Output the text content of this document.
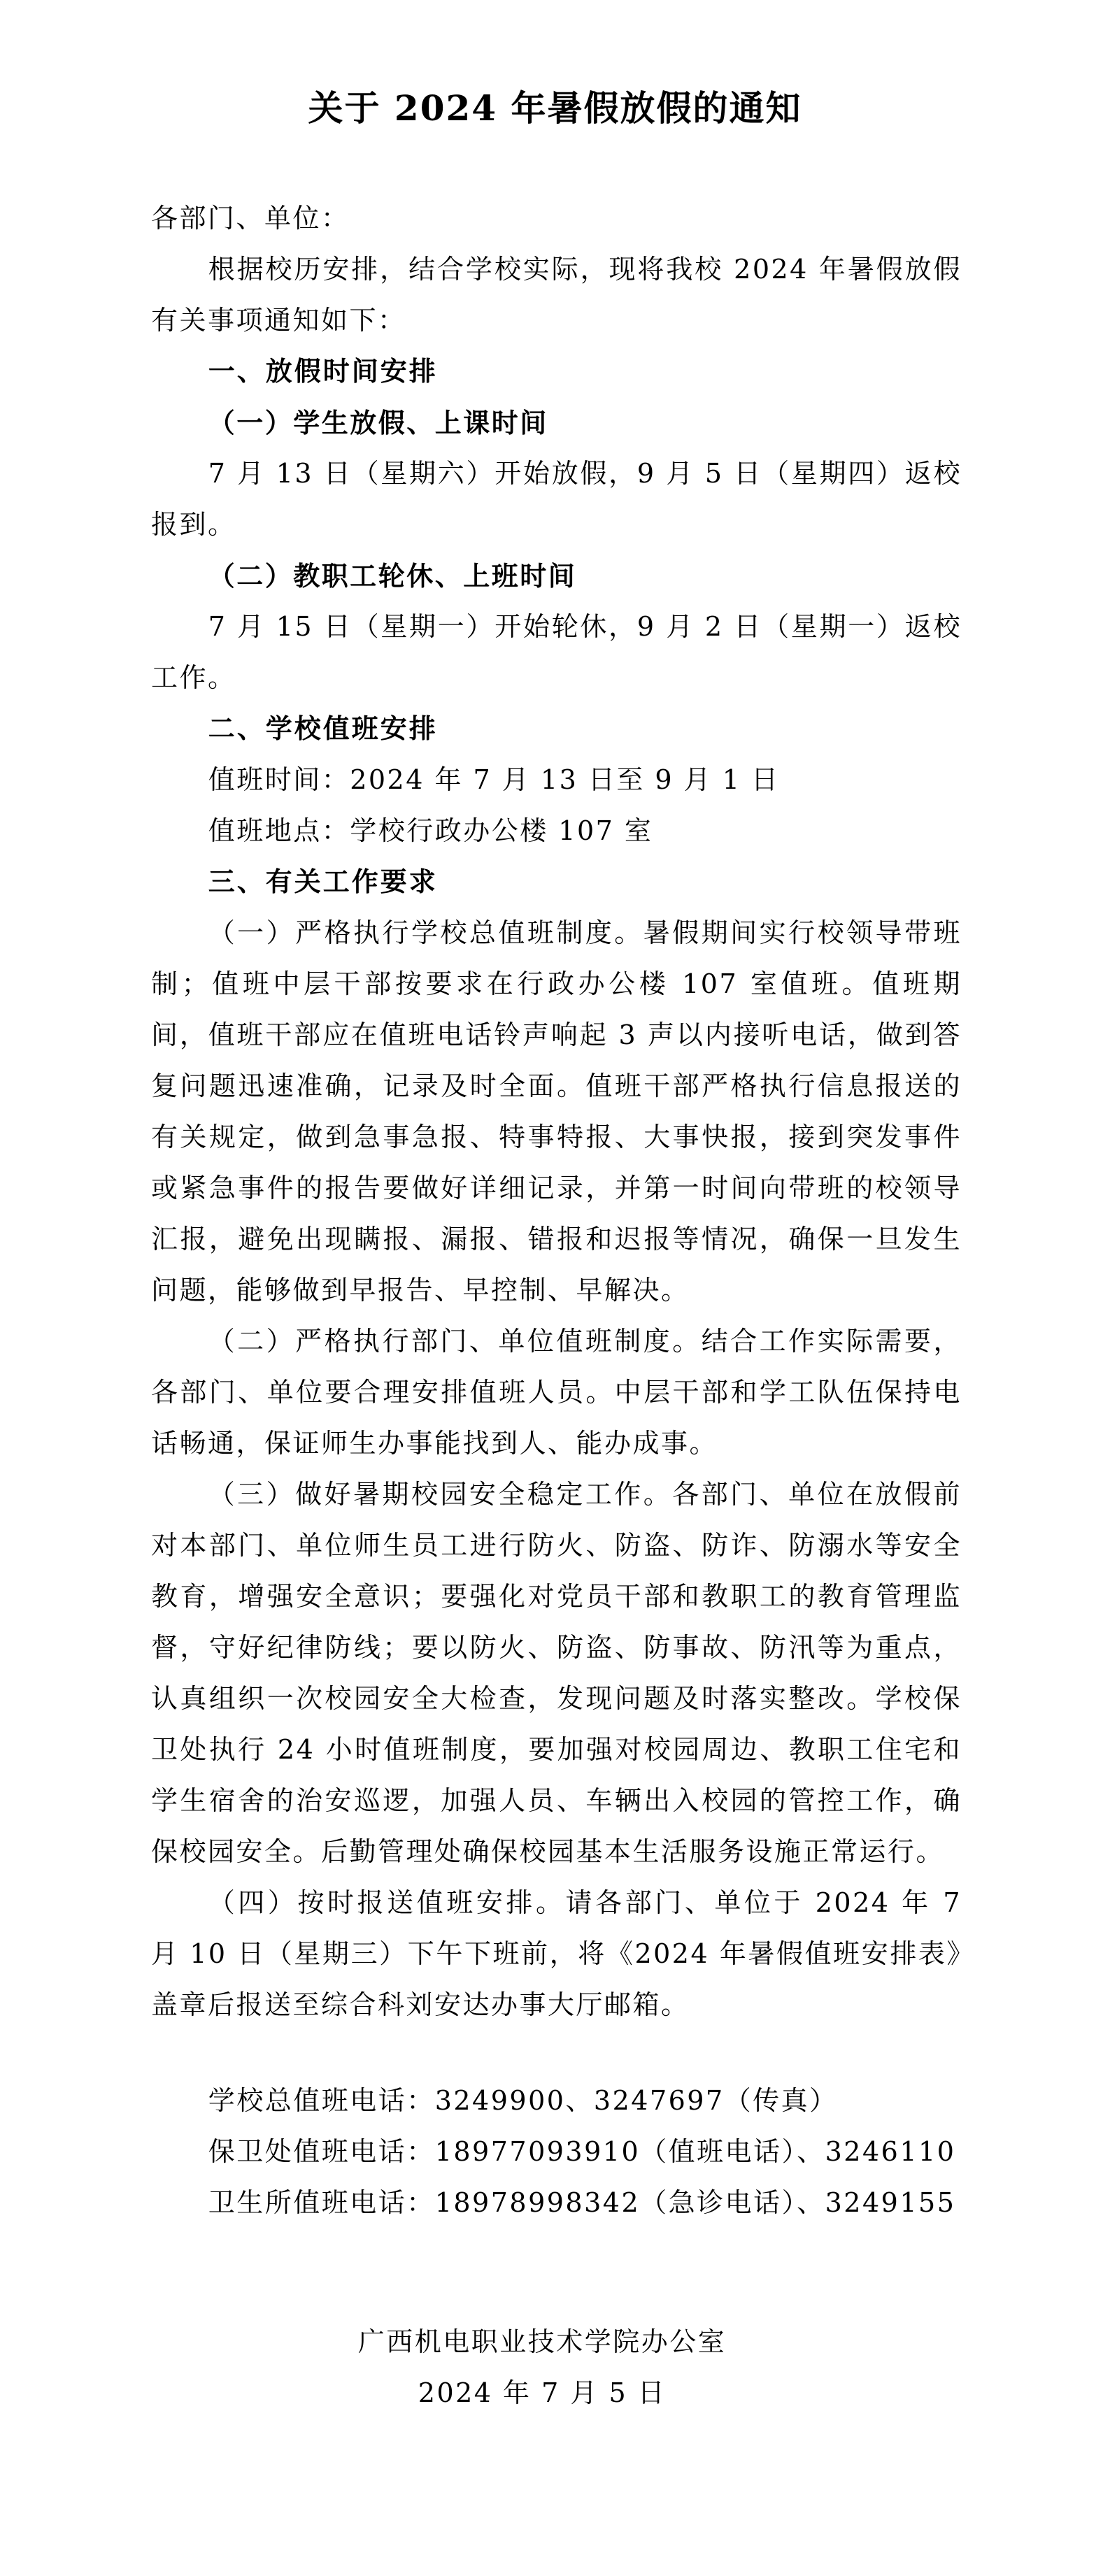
关于 2024 年暑假放假的通知

各部门、单位：

根据校历安排，结合学校实际，现将我校 2024 年暑假放假有关事项通知如下：

一、放假时间安排

（一）学生放假、上课时间

7 月 13 日（星期六）开始放假，9 月 5 日（星期四）返校报到。

（二）教职工轮休、上班时间

7 月 15 日（星期一）开始轮休，9 月 2 日（星期一）返校工作。

二、学校值班安排

值班时间：2024 年 7 月 13 日至 9 月 1 日

值班地点：学校行政办公楼 107 室

三、有关工作要求

（一）严格执行学校总值班制度。暑假期间实行校领导带班制；值班中层干部按要求在行政办公楼 107 室值班。值班期间，值班干部应在值班电话铃声响起 3 声以内接听电话，做到答复问题迅速准确，记录及时全面。值班干部严格执行信息报送的有关规定，做到急事急报、特事特报、大事快报，接到突发事件或紧急事件的报告要做好详细记录，并第一时间向带班的校领导汇报，避免出现瞒报、漏报、错报和迟报等情况，确保一旦发生问题，能够做到早报告、早控制、早解决。

（二）严格执行部门、单位值班制度。结合工作实际需要，各部门、单位要合理安排值班人员。中层干部和学工队伍保持电话畅通，保证师生办事能找到人、能办成事。

（三）做好暑期校园安全稳定工作。各部门、单位在放假前对本部门、单位师生员工进行防火、防盗、防诈、防溺水等安全教育，增强安全意识；要强化对党员干部和教职工的教育管理监督，守好纪律防线；要以防火、防盗、防事故、防汛等为重点，认真组织一次校园安全大检查，发现问题及时落实整改。学校保卫处执行 24 小时值班制度，要加强对校园周边、教职工住宅和学生宿舍的治安巡逻，加强人员、车辆出入校园的管控工作，确保校园安全。后勤管理处确保校园基本生活服务设施正常运行。

（四）按时报送值班安排。请各部门、单位于 2024 年 7 月 10 日（星期三）下午下班前，将《2024 年暑假值班安排表》盖章后报送至综合科刘安达办事大厅邮箱。

学校总值班电话：3249900、3247697（传真）

保卫处值班电话：18977093910（值班电话）、3246110

卫生所值班电话：18978998342（急诊电话）、3249155

广西机电职业技术学院办公室

2024 年 7 月 5 日
